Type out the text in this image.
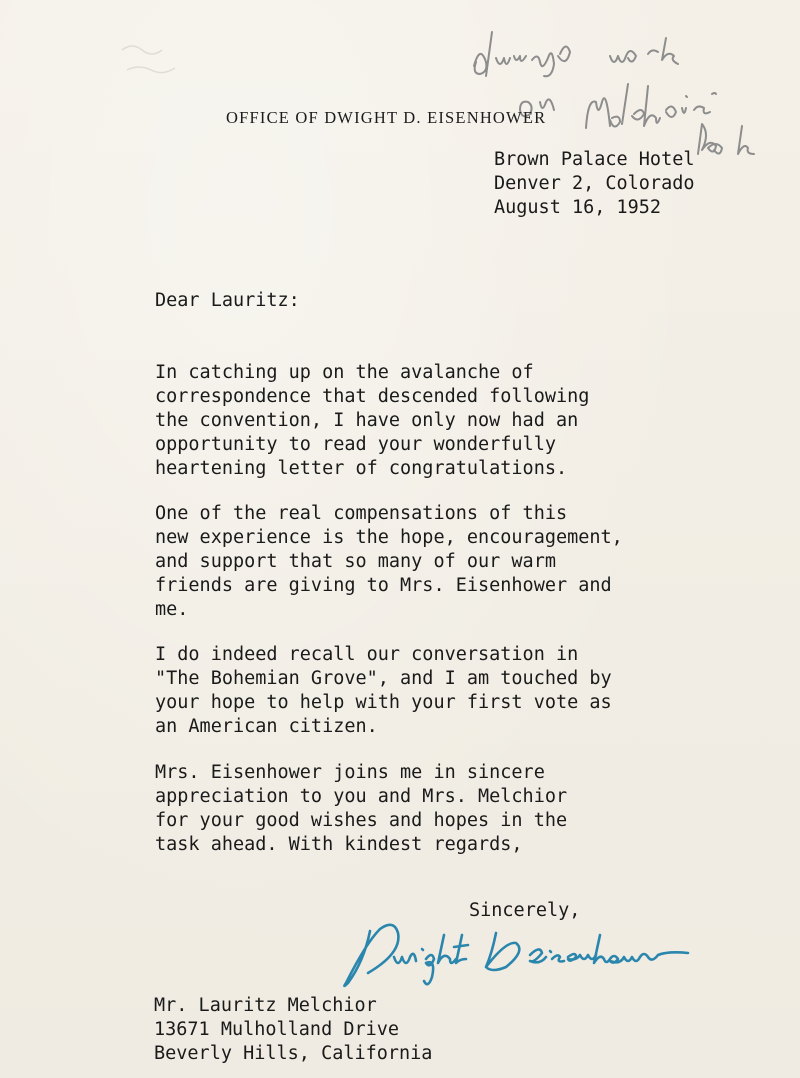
OFFICE OF DWIGHT D. EISENHOWER
Brown Palace Hotel
Denver 2, Colorado
August 16, 1952
Dear Lauritz:
In catching up on the avalanche of
correspondence that descended following
the convention, I have only now had an
opportunity to read your wonderfully
heartening letter of congratulations.
One of the real compensations of this
new experience is the hope, encouragement,
and support that so many of our warm
friends are giving to Mrs. Eisenhower and
me.
I do indeed recall our conversation in
"The Bohemian Grove", and I am touched by
your hope to help with your first vote as
an American citizen.
Mrs. Eisenhower joins me in sincere
appreciation to you and Mrs. Melchior
for your good wishes and hopes in the
task ahead. With kindest regards,
Sincerely,
Mr. Lauritz Melchior
13671 Mulholland Drive
Beverly Hills, California
